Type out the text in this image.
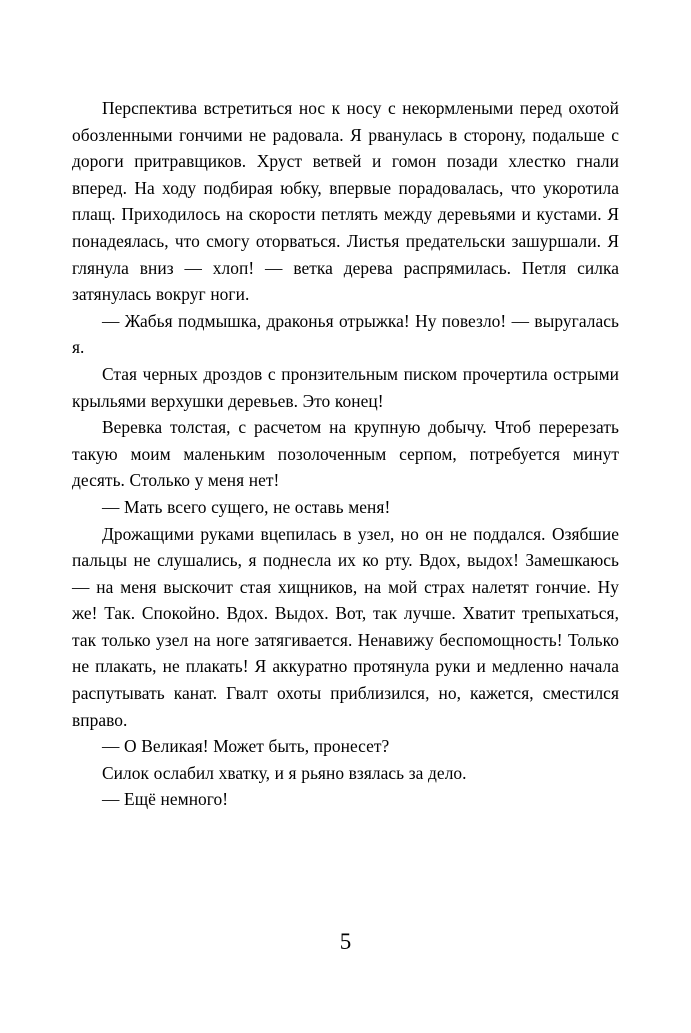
Перспектива встретиться нос к носу с некормлеными перед охотой обозленными гончими не радовала. Я рванулась в сторону, подальше с дороги притравщиков. Хруст ветвей и гомон позади хлестко гнали вперед. На ходу подбирая юбку, впервые порадовалась, что укоротила плащ. Приходилось на скорости петлять между деревьями и кустами. Я понадеялась, что смогу оторваться. Листья предательски зашуршали. Я глянула вниз — хлоп! — ветка дерева распрямилась. Петля силка затянулась вокруг ноги.

— Жабья подмышка, драконья отрыжка! Ну повезло! — выругалась я.

Стая черных дроздов с пронзительным писком прочертила острыми крыльями верхушки деревьев. Это конец!

Веревка толстая, с расчетом на крупную добычу. Чтоб перерезать такую моим маленьким позолоченным серпом, потребуется минут десять. Столько у меня нет!

— Мать всего сущего, не оставь меня!

Дрожащими руками вцепилась в узел, но он не поддался. Озябшие пальцы не слушались, я поднесла их ко рту. Вдох, выдох! Замешкаюсь — на меня выскочит стая хищников, на мой страх налетят гончие. Ну же! Так. Спокойно. Вдох. Выдох. Вот, так лучше. Хватит трепыхаться, так только узел на ноге затягивается. Ненавижу беспомощность! Только не плакать, не плакать! Я аккуратно протянула руки и медленно начала распутывать канат. Гвалт охоты приблизился, но, кажется, сместился вправо.

— О Великая! Может быть, пронесет?

Силок ослабил хватку, и я рьяно взялась за дело.

— Ещё немного!

5
